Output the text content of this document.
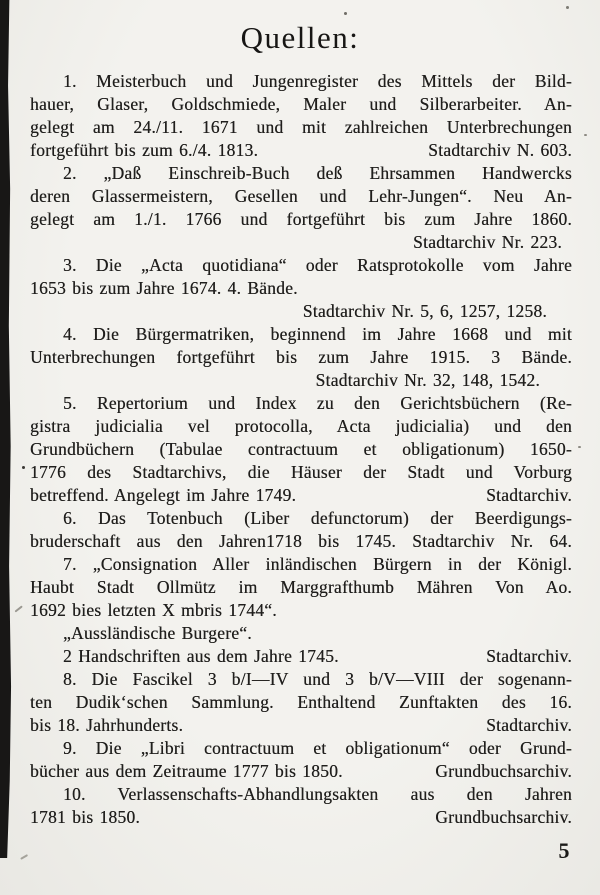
Quellen:
1. Meisterbuch und Jungenregister des Mittels der Bild-
hauer, Glaser, Goldschmiede, Maler und Silberarbeiter. An-
gelegt am 24./11. 1671 und mit zahlreichen Unterbrechungen
fortgeführt bis zum 6./4. 1813.	Stadtarchiv N. 603.
2. „Daß Einschreib-Buch deß Ehrsammen Handwercks
deren Glassermeistern, Gesellen und Lehr-Jungen“. Neu An-
gelegt am 1./1. 1766 und fortgeführt bis zum Jahre 1860.
Stadtarchiv Nr. 223.
3. Die „Acta quotidiana“ oder Ratsprotokolle vom Jahre
1653 bis zum Jahre 1674. 4. Bände.
Stadtarchiv Nr. 5, 6, 1257, 1258.
4. Die Bürgermatriken, beginnend im Jahre 1668 und mit
Unterbrechungen fortgeführt bis zum Jahre 1915. 3 Bände.
Stadtarchiv Nr. 32, 148, 1542.
5. Repertorium und Index zu den Gerichtsbüchern (Re-
gistra judicialia vel protocolla, Acta judicialia) und den
Grundbüchern (Tabulae contractuum et obligationum) 1650-
1776 des Stadtarchivs, die Häuser der Stadt und Vorburg
betreffend. Angelegt im Jahre 1749.	Stadtarchiv.
6. Das Totenbuch (Liber defunctorum) der Beerdigungs-
bruderschaft aus den Jahren1718 bis 1745. Stadtarchiv Nr. 64.
7. „Consignation Aller inländischen Bürgern in der Königl.
Haubt Stadt Ollmütz im Marggrafthumb Mähren Von Ao.
1692 bies letzten X mbris 1744“.
„Aussländische Burgere“.
2 Handschriften aus dem Jahre 1745.	Stadtarchiv.
8. Die Fascikel 3 b/I—IV und 3 b/V—VIII der sogenann-
ten Dudik‘schen Sammlung. Enthaltend Zunftakten des 16.
bis 18. Jahrhunderts.	Stadtarchiv.
9. Die „Libri contractuum et obligationum“ oder Grund-
bücher aus dem Zeitraume 1777 bis 1850.	Grundbuchsarchiv.
10. Verlassenschafts-Abhandlungsakten aus den Jahren
1781 bis 1850.	Grundbuchsarchiv.
5
